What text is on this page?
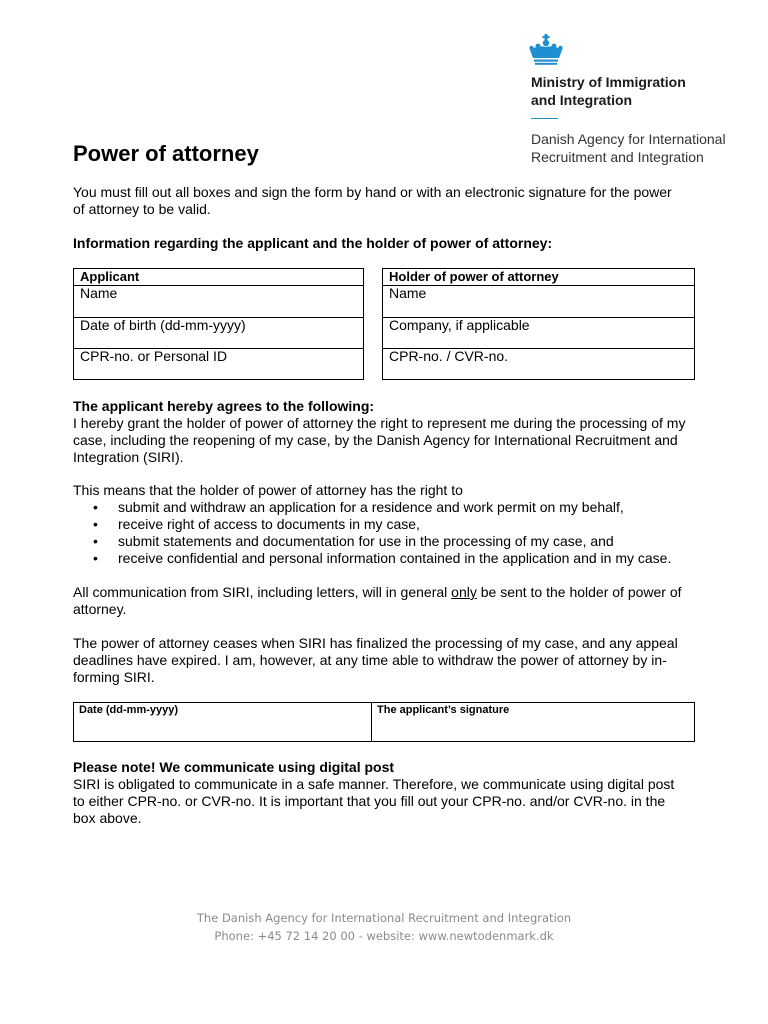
Ministry of Immigration
and Integration
Danish Agency for International
Recruitment and Integration
Power of attorney
You must fill out all boxes and sign the form by hand or with an electronic signature for the power
of attorney to be valid.
Information regarding the applicant and the holder of power of attorney:
Applicant
Name
Date of birth (dd-mm-yyyy)
CPR-no. or Personal ID
Holder of power of attorney
Name
Company, if applicable
CPR-no. / CVR-no.
The applicant hereby agrees to the following:
I hereby grant the holder of power of attorney the right to represent me during the processing of my
case, including the reopening of my case, by the Danish Agency for International Recruitment and
Integration (SIRI).
This means that the holder of power of attorney has the right to
• submit and withdraw an application for a residence and work permit on my behalf,
• receive right of access to documents in my case,
• submit statements and documentation for use in the processing of my case, and
• receive confidential and personal information contained in the application and in my case.
All communication from SIRI, including letters, will in general only be sent to the holder of power of
attorney.
The power of attorney ceases when SIRI has finalized the processing of my case, and any appeal
deadlines have expired. I am, however, at any time able to withdraw the power of attorney by in-
forming SIRI.
Date (dd-mm-yyyy)	The applicant’s signature
Please note! We communicate using digital post
SIRI is obligated to communicate in a safe manner. Therefore, we communicate using digital post
to either CPR-no. or CVR-no. It is important that you fill out your CPR-no. and/or CVR-no. in the
box above.
The Danish Agency for International Recruitment and Integration
Phone: +45 72 14 20 00 - website: www.newtodenmark.dk
